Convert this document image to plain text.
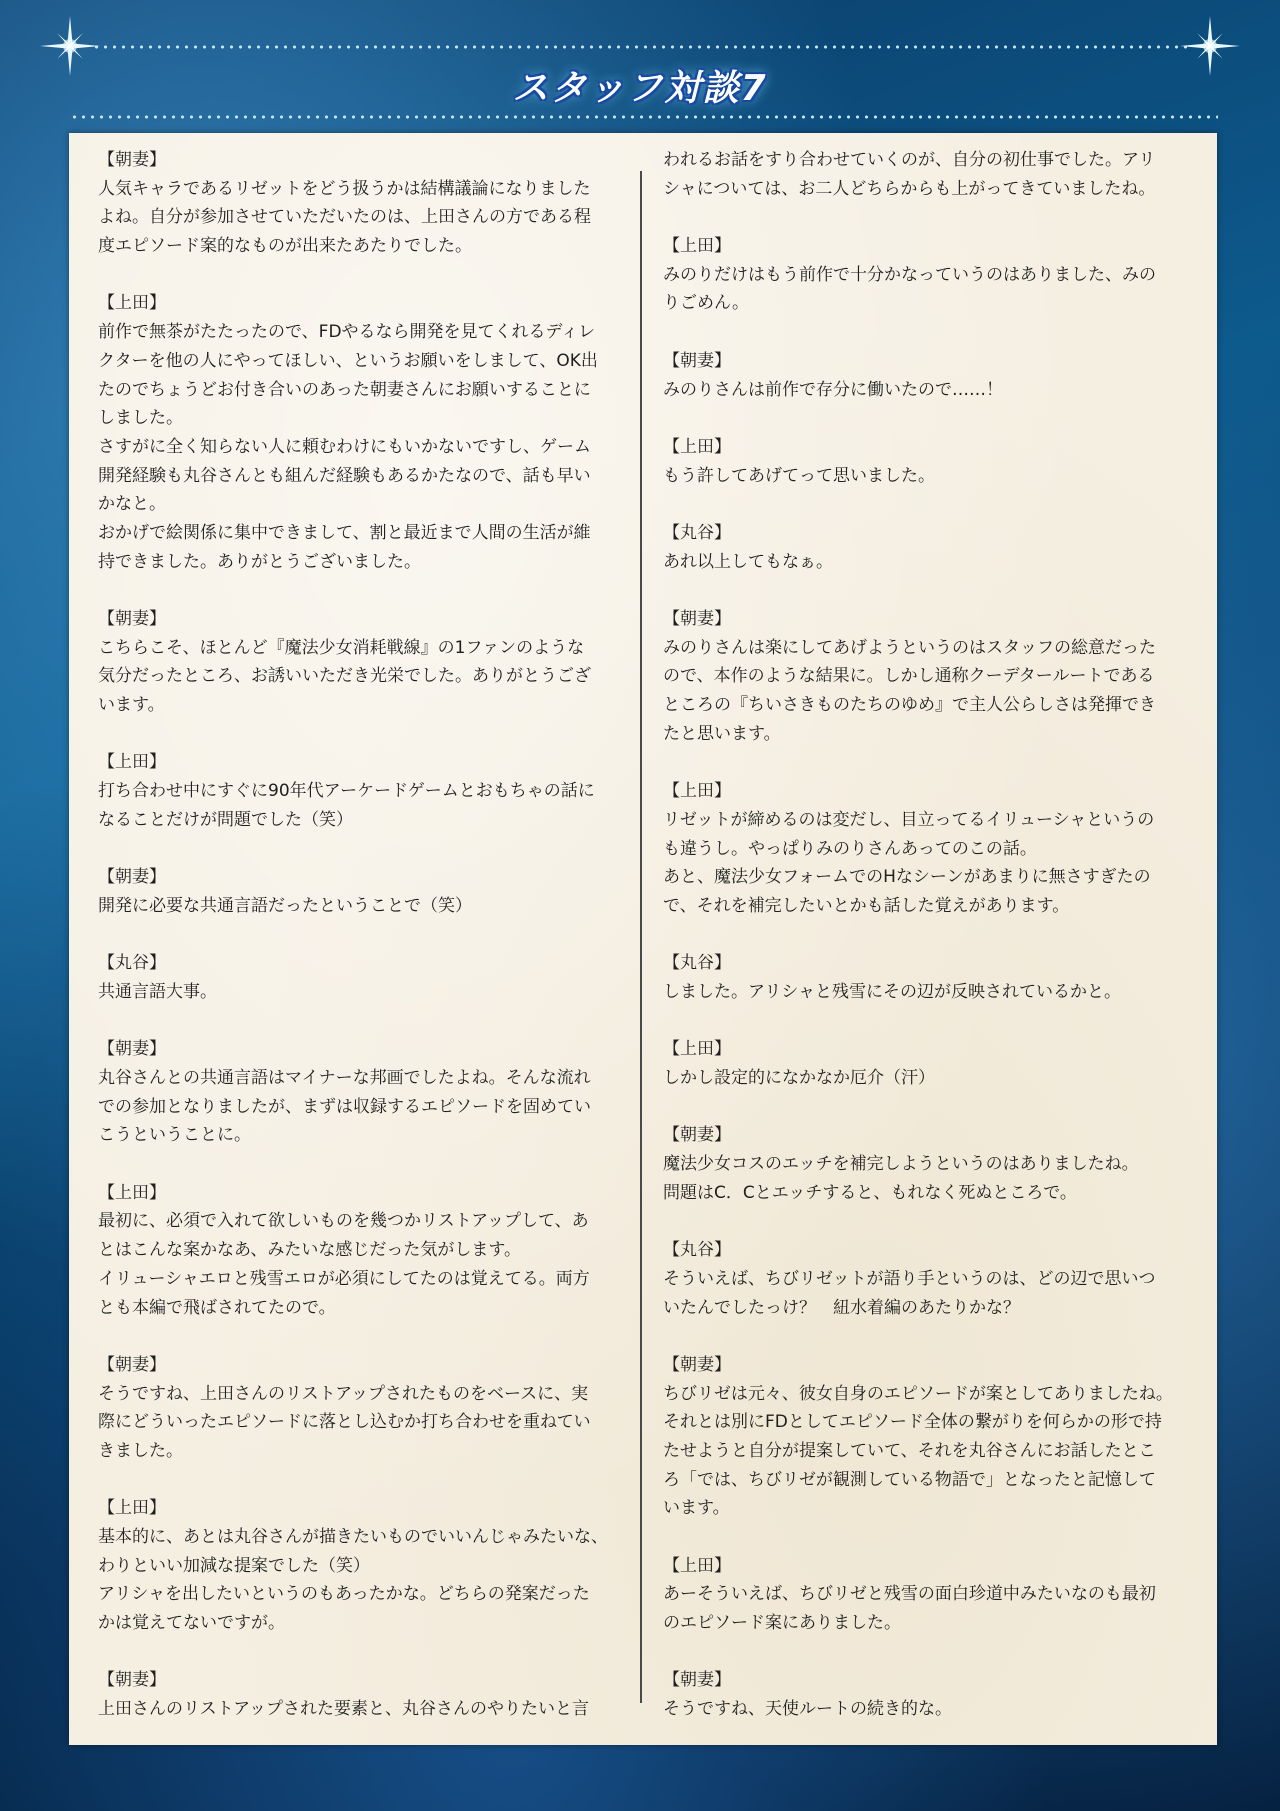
スタッフ対談7
【朝妻】
人気キャラであるリゼットをどう扱うかは結構議論になりました
よね。自分が参加させていただいたのは、上田さんの方である程
度エピソード案的なものが出来たあたりでした。
【上田】
前作で無茶がたたったので、FDやるなら開発を見てくれるディレ
クターを他の人にやってほしい、というお願いをしまして、OK出
たのでちょうどお付き合いのあった朝妻さんにお願いすることに
しました。
さすがに全く知らない人に頼むわけにもいかないですし、ゲーム
開発経験も丸谷さんとも組んだ経験もあるかたなので、話も早い
かなと。
おかげで絵関係に集中できまして、割と最近まで人間の生活が維
持できました。ありがとうございました。
【朝妻】
こちらこそ、ほとんど『魔法少女消耗戦線』の1ファンのような
気分だったところ、お誘いいただき光栄でした。ありがとうござ
います。
【上田】
打ち合わせ中にすぐに90年代アーケードゲームとおもちゃの話に
なることだけが問題でした（笑）
【朝妻】
開発に必要な共通言語だったということで（笑）
【丸谷】
共通言語大事。
【朝妻】
丸谷さんとの共通言語はマイナーな邦画でしたよね。そんな流れ
での参加となりましたが、まずは収録するエピソードを固めてい
こうということに。
【上田】
最初に、必須で入れて欲しいものを幾つかリストアップして、あ
とはこんな案かなあ、みたいな感じだった気がします。
イリューシャエロと残雪エロが必須にしてたのは覚えてる。両方
とも本編で飛ばされてたので。
【朝妻】
そうですね、上田さんのリストアップされたものをベースに、実
際にどういったエピソードに落とし込むか打ち合わせを重ねてい
きました。
【上田】
基本的に、あとは丸谷さんが描きたいものでいいんじゃみたいな、
わりといい加減な提案でした（笑）
アリシャを出したいというのもあったかな。どちらの発案だった
かは覚えてないですが。
【朝妻】
上田さんのリストアップされた要素と、丸谷さんのやりたいと言
われるお話をすり合わせていくのが、自分の初仕事でした。アリ
シャについては、お二人どちらからも上がってきていましたね。
【上田】
みのりだけはもう前作で十分かなっていうのはありました、みの
りごめん。
【朝妻】
みのりさんは前作で存分に働いたので……！
【上田】
もう許してあげてって思いました。
【丸谷】
あれ以上してもなぁ。
【朝妻】
みのりさんは楽にしてあげようというのはスタッフの総意だった
ので、本作のような結果に。しかし通称クーデタールートである
ところの『ちいさきものたちのゆめ』で主人公らしさは発揮でき
たと思います。
【上田】
リゼットが締めるのは変だし、目立ってるイリューシャというの
も違うし。やっぱりみのりさんあってのこの話。
あと、魔法少女フォームでのHなシーンがあまりに無さすぎたの
で、それを補完したいとかも話した覚えがあります。
【丸谷】
しました。アリシャと残雪にその辺が反映されているかと。
【上田】
しかし設定的になかなか厄介（汗）
【朝妻】
魔法少女コスのエッチを補完しようというのはありましたね。
問題はC．Cとエッチすると、もれなく死ぬところで。
【丸谷】
そういえば、ちびリゼットが語り手というのは、どの辺で思いつ
いたんでしたっけ？　紐水着編のあたりかな？
【朝妻】
ちびリゼは元々、彼女自身のエピソードが案としてありましたね。
それとは別にFDとしてエピソード全体の繋がりを何らかの形で持
たせようと自分が提案していて、それを丸谷さんにお話したとこ
ろ「では、ちびリゼが観測している物語で」となったと記憶して
います。
【上田】
あーそういえば、ちびリゼと残雪の面白珍道中みたいなのも最初
のエピソード案にありました。
【朝妻】
そうですね、天使ルートの続き的な。
